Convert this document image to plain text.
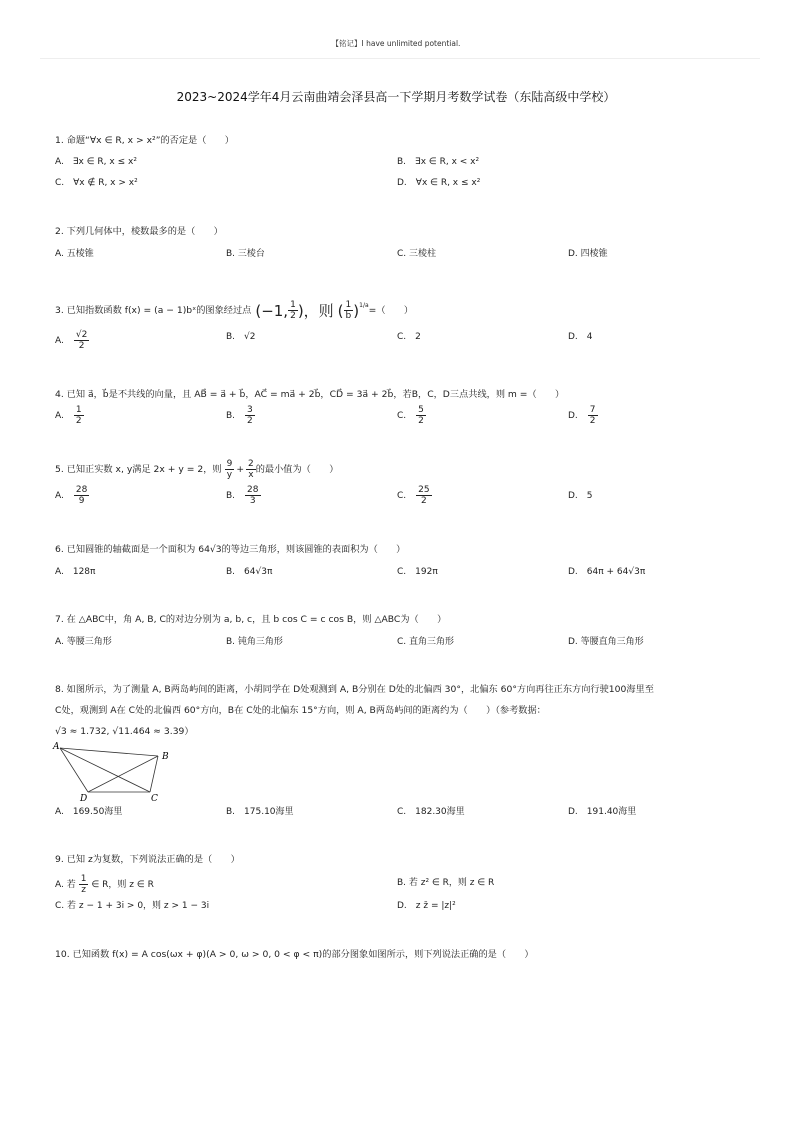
【铭记】I have unlimited potential.
2023~2024学年4月云南曲靖会泽县高一下学期月考数学试卷（东陆高级中学校）
1. 命题“∀x ∈ R, x > x²”的否定是（　　）
A.　∃x ∈ R, x ≤ x²	B.　∃x ∈ R, x < x²
C.　∀x ∉ R, x > x²	D.　∀x ∈ R, x ≤ x²
2. 下列几何体中，棱数最多的是（　　）
A. 五棱锥	B. 三棱台	C. 三棱柱	D. 四棱锥
3. 已知指数函数 f(x) = (a − 1)bˣ的图象经过点 (−1, $\frac{1}{2}$ )，则 ( $\frac{1}{b}$ ) 1/a =（　　）
A. $\frac{√2}{2}$	B.　√2	C.　2	D.　4
4. 已知 a⃗，b⃗是不共线的向量，且 AB⃗ = a⃗ + b⃗，AC⃗ = ma⃗ + 2b⃗，CD⃗ = 3a⃗ + 2b⃗，若B，C，D三点共线，则 m =（　　）
A. $\frac{1}{2}$	B. $\frac{3}{2}$	C. $\frac{5}{2}$	D. $\frac{7}{2}$
5. 已知正实数 x, y满足 2x + y = 2，则 $\frac{9}{y} + \frac{2}{x}$ 的最小值为（　　）
A. $\frac{28}{9}$	B. $\frac{28}{3}$	C. $\frac{25}{2}$	D.　5
6. 已知圆锥的轴截面是一个面积为 64√3的等边三角形，则该圆锥的表面积为（　　）
A.　128π	B.　64√3π	C.　192π	D.　64π + 64√3π
7. 在 △ABC中，角 A, B, C的对边分别为 a, b, c，且 b cos C = c cos B，则 △ABC为（　　）
A. 等腰三角形	B. 钝角三角形	C. 直角三角形	D. 等腰直角三角形
8. 如图所示，为了测量 A, B两岛屿间的距离，小胡同学在 D处观测到 A, B分别在 D处的北偏西 30°，北偏东 60°方向再往正东方向行驶100海里至
C处，观测到 A在 C处的北偏西 60°方向，B在 C处的北偏东 15°方向，则 A, B两岛屿间的距离约为（　　）（参考数据：
√3 ≈ 1.732, √11.464 ≈ 3.39）
A
B
C
D
A.　169.50海里	B.　175.10海里	C.　182.30海里	D.　191.40海里
9. 已知 z为复数，下列说法正确的是（　　）
A. 若 $\frac{1}{z}$ ∈ R，则 z ∈ R	B. 若 z² ∈ R，则 z ∈ R
C. 若 z − 1 + 3i > 0，则 z > 1 − 3i	D.　z z̄ = |z|²
10. 已知函数 f(x) = A cos(ωx + φ)(A > 0, ω > 0, 0 < φ < π)的部分图象如图所示，则下列说法正确的是（　　）
